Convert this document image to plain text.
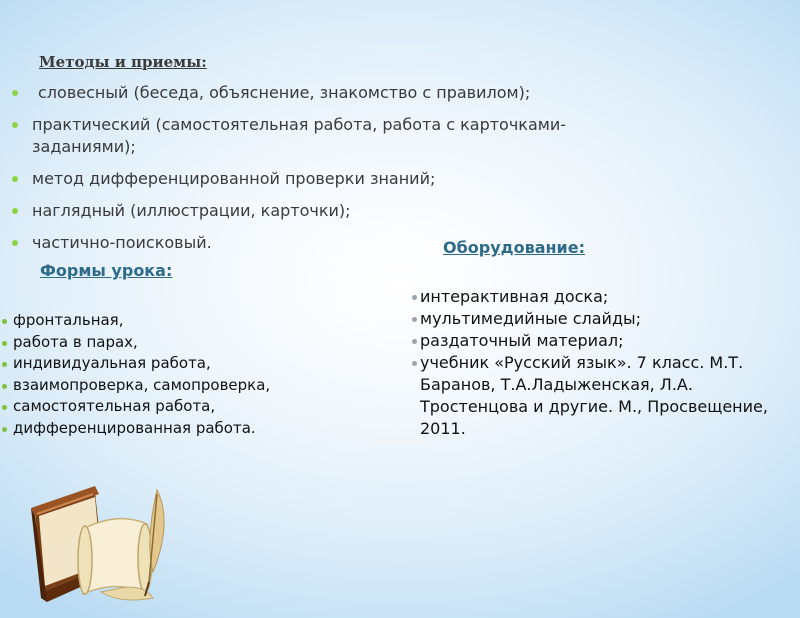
Методы и приемы:
словесный (беседа, объяснение, знакомство с правилом);
практический (самостоятельная работа, работа с карточками-заданиями);
метод дифференцированной проверки знаний;
наглядный (иллюстрации, карточки);
частично-поисковый.
Формы урока:
фронтальная,
работа в парах,
индивидуальная работа,
взаимопроверка, самопроверка,
самостоятельная работа,
дифференцированная работа.
Оборудование:
интерактивная доска;
мультимедийные слайды;
раздаточный материал;
учебник «Русский язык». 7 класс. М.Т. Баранов, Т.А.Ладыженская, Л.А. Тростенцова и другие. М., Просвещение, 2011.
